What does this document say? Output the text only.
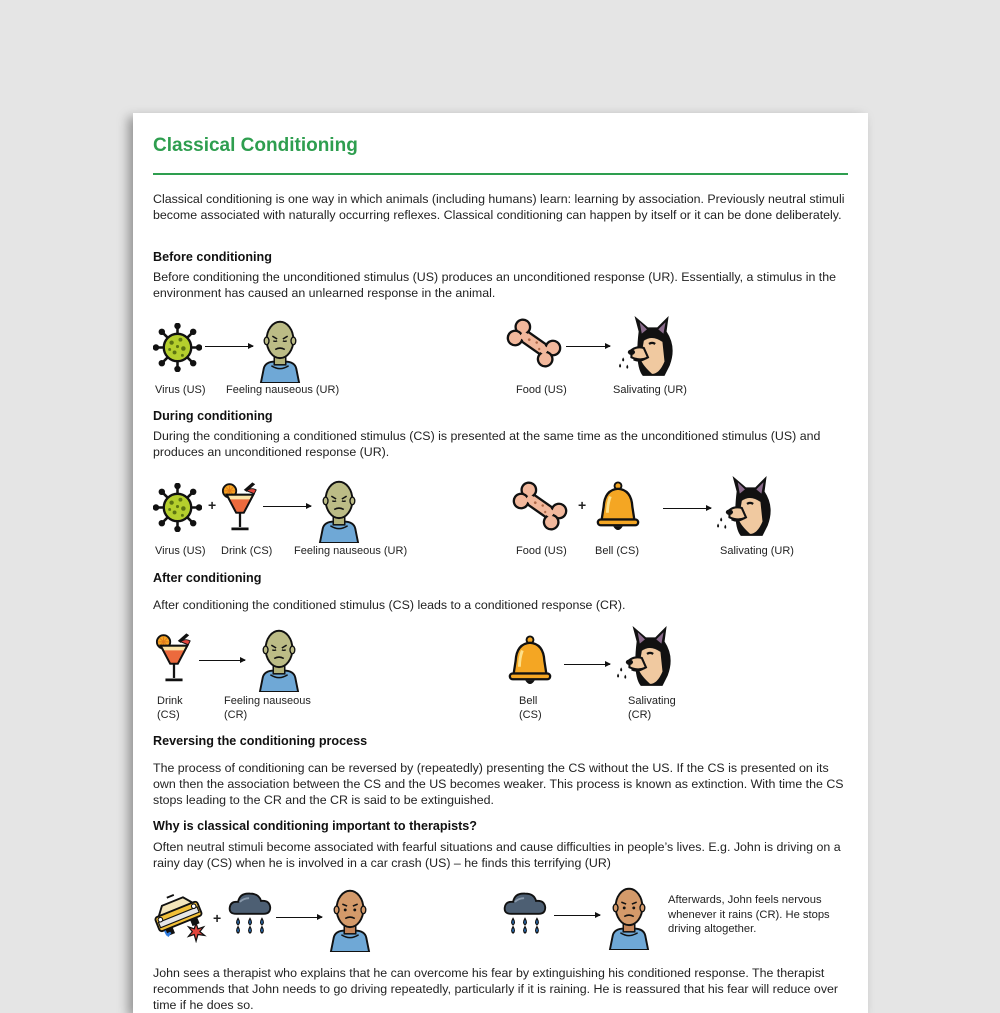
Classical Conditioning

Classical conditioning is one way in which animals (including humans) learn: learning by association. Previously neutral stimuli become associated with naturally occurring reflexes. Classical conditioning can happen by itself or it can be done deliberately.

Before conditioning

Before conditioning the unconditioned stimulus (US) produces an unconditioned response (UR). Essentially, a stimulus in the environment has caused an unlearned response in the animal.

Virus (US) Feeling nauseous (UR)	Food (US)	Salivating (UR)
During conditioning

During the conditioning a conditioned stimulus (CS) is presented at the same time as the unconditioned stimulus (US) and produces an unconditioned response (UR).

+
Virus (US) Drink (CS) Feeling nauseous (UR)
+
Food (US)	Bell (CS)	Salivating (UR)
After conditioning

After conditioning the conditioned stimulus (CS) leads to a conditioned response (CR).

Drink
(CS)
Feeling nauseous
(CR)
Bell
(CS)
Salivating
(CR)
Reversing the conditioning process

The process of conditioning can be reversed by (repeatedly) presenting the CS without the US. If the CS is presented on its own then the association between the CS and the US becomes weaker. This process is known as extinction. With time the CS stops leading to the CR and the CR is said to be extinguished.

Why is classical conditioning important to therapists?

Often neutral stimuli become associated with fearful situations and cause difficulties in people’s lives. E.g. John is driving on a rainy day (CS) when he is involved in a car crash (US) – he finds this terrifying (UR)

+

Afterwards, John feels nervous whenever it rains (CR). He stops driving altogether.

John sees a therapist who explains that he can overcome his fear by extinguishing his conditioned response. The therapist recommends that John needs to go driving repeatedly, particularly if it is raining. He is reassured that his fear will reduce over time if he does so.
